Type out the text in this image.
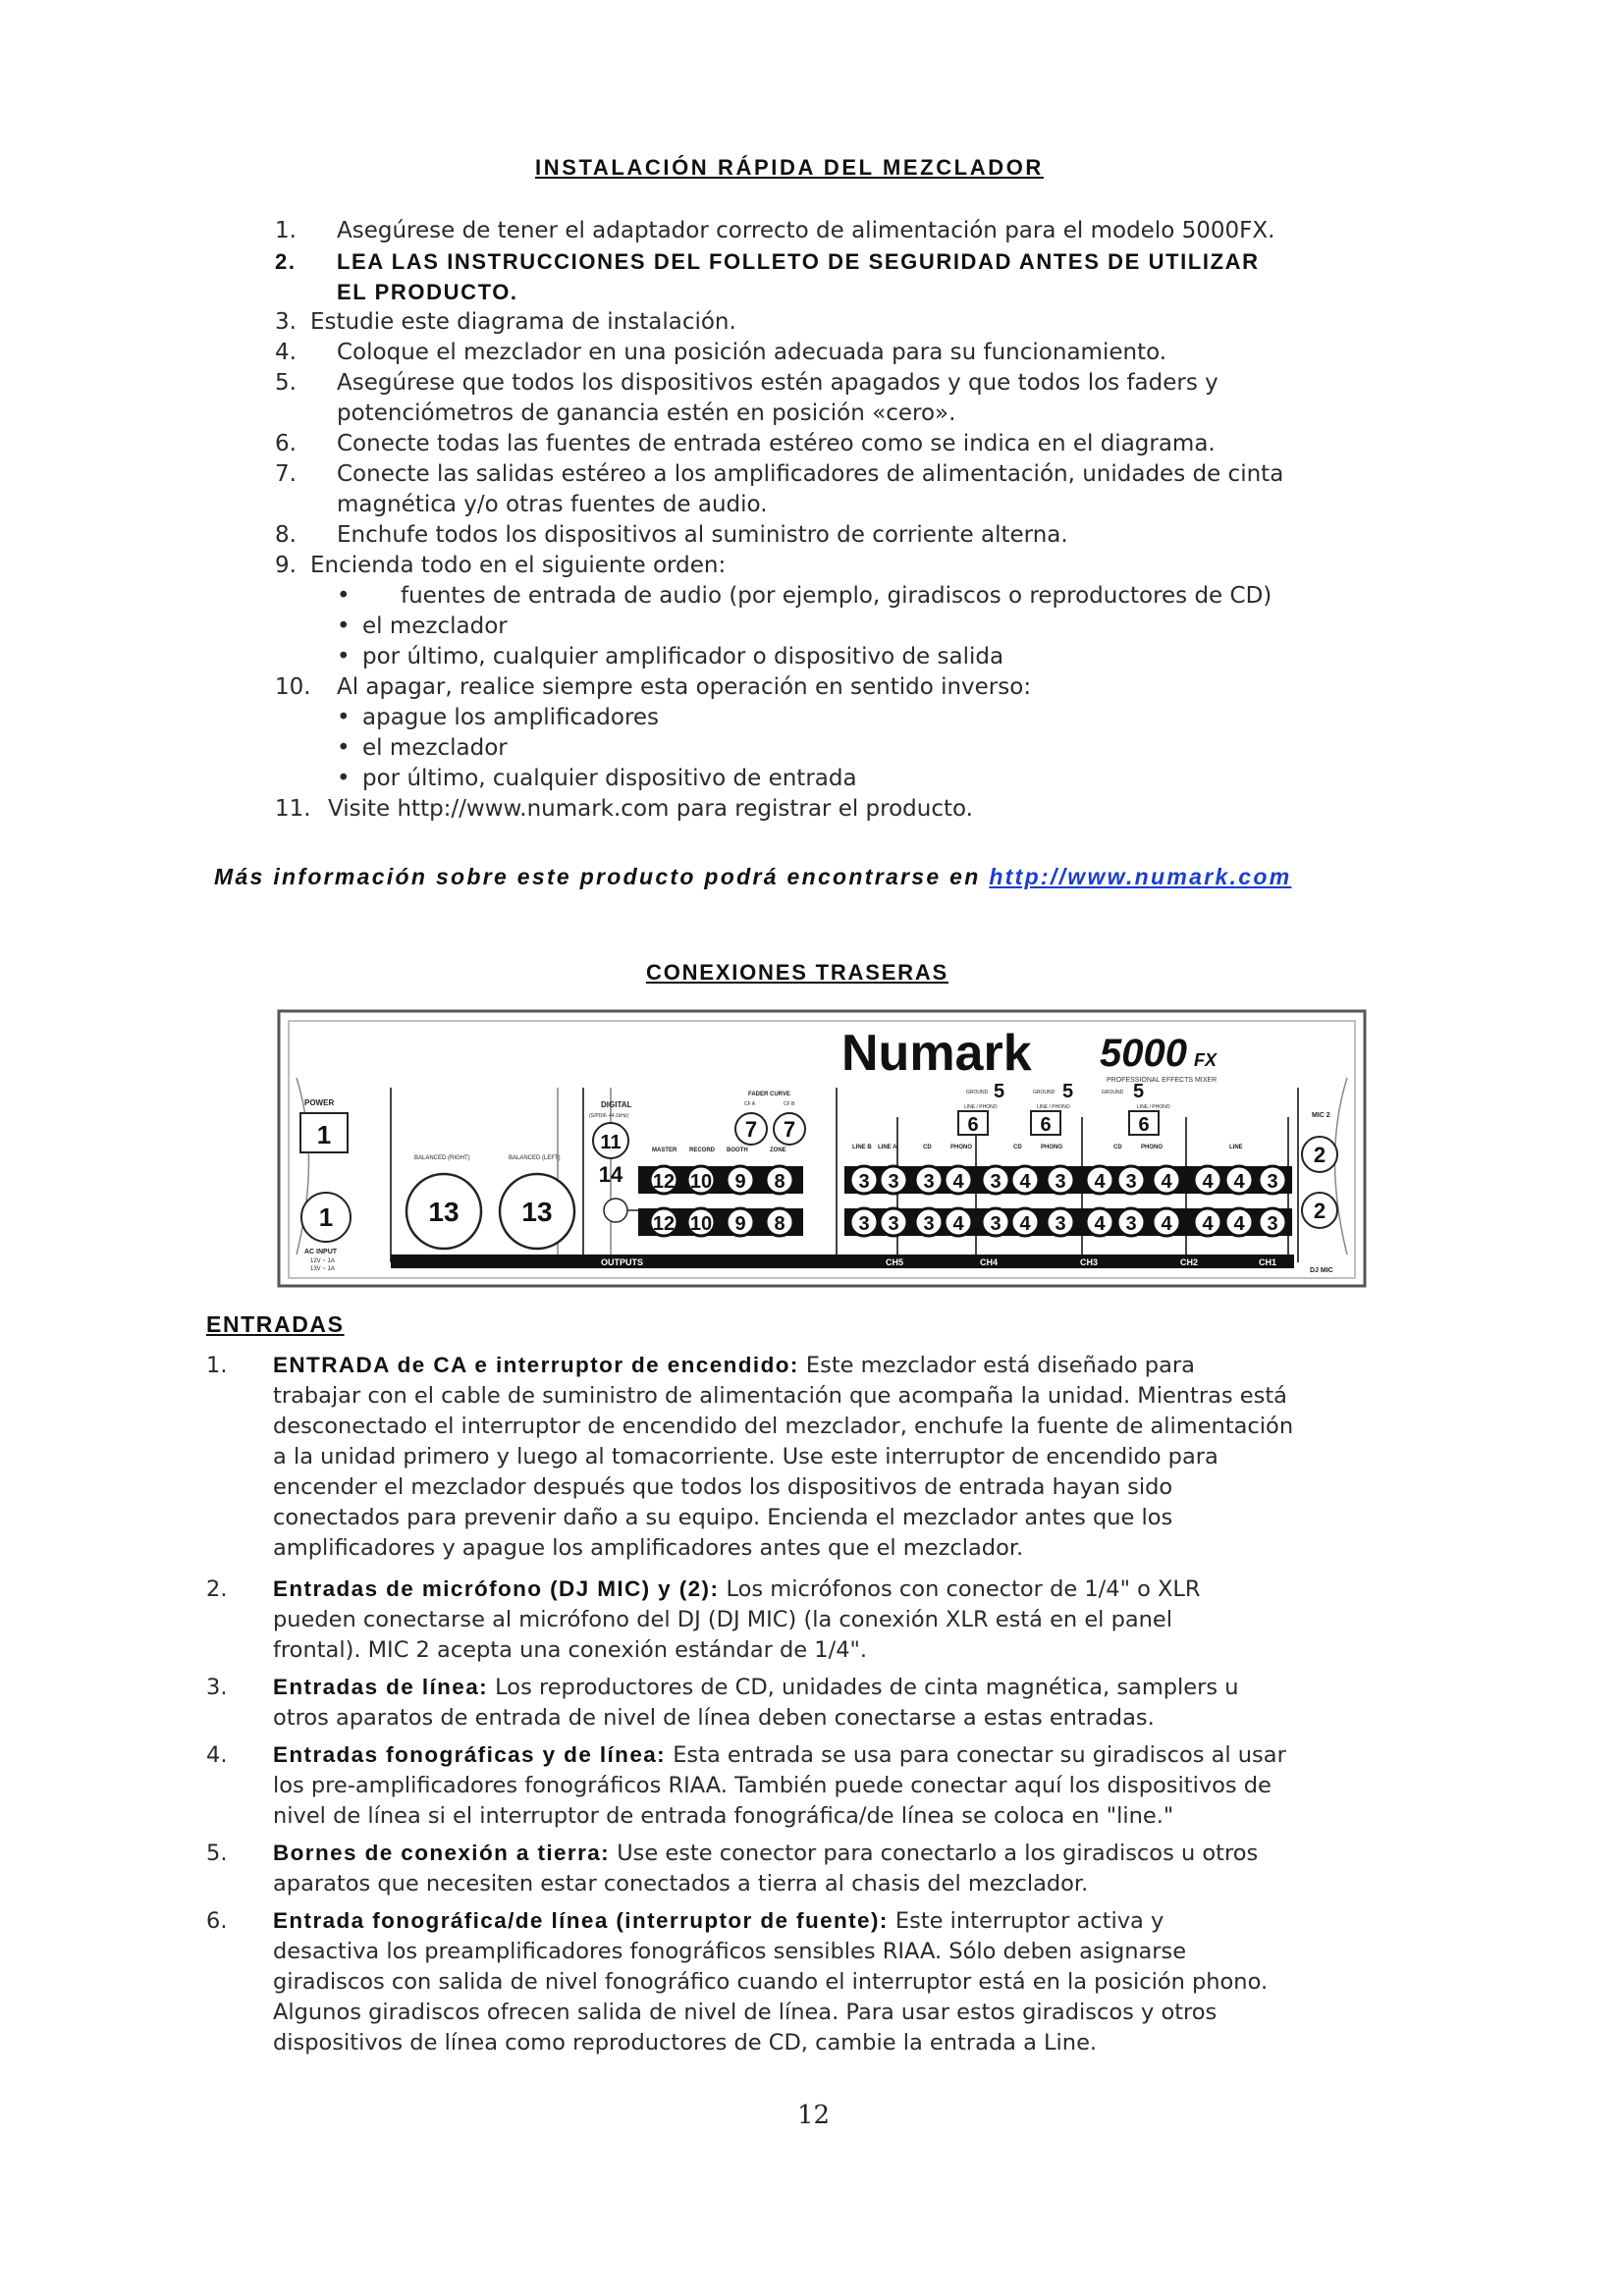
INSTALACIÓN RÁPIDA DEL MEZCLADOR
1. Asegúrese de tener el adaptador correcto de alimentación para el modelo 5000FX.
2. LEA LAS INSTRUCCIONES DEL FOLLETO DE SEGURIDAD ANTES DE UTILIZAR
EL PRODUCTO.
3. Estudie este diagrama de instalación.
4. Coloque el mezclador en una posición adecuada para su funcionamiento.
5. Asegúrese que todos los dispositivos estén apagados y que todos los faders y
potenciómetros de ganancia estén en posición «cero».
6. Conecte todas las fuentes de entrada estéreo como se indica en el diagrama.
7. Conecte las salidas estéreo a los amplificadores de alimentación, unidades de cinta
magnética y/o otras fuentes de audio.
8. Enchufe todos los dispositivos al suministro de corriente alterna.
9. Encienda todo en el siguiente orden:
• fuentes de entrada de audio (por ejemplo, giradiscos o reproductores de CD)
• el mezclador
• por último, cualquier amplificador o dispositivo de salida
10. Al apagar, realice siempre esta operación en sentido inverso:
• apague los amplificadores
• el mezclador
• por último, cualquier dispositivo de entrada
11. Visite http://www.numark.com para registrar el producto.
Más información sobre este producto podrá encontrarse en http://www.numark.com
CONEXIONES TRASERAS
Numark 5000 FX
PROFESSIONAL EFFECTS MIXER
POWER
1
1
AC INPUT
12V ~ 1A
13V ~ 1A
BALANCED (RIGHT)	BALANCED (LEFT)
13 13
DIGITAL
(S/PDIF, 44.1kHz)
11
14
FADER CURVE
CF A	CF B
7 7
MASTER RECORD BOOTH	ZONE	LINE B LINE A	CD	PHONO	CD	PHONO	CD	PHONO	LINE
GROUND	GROUND	GROUND
5	5	5
LINE / PHONO	LINE / PHONO	LINE / PHONO
6	6	6	MIC 2
2
2
12 10 9 8	3 3 3 4 3 4 3 4 3 4 4 4 3
12 10 9 8	3 3 3 4 3 4 3 4 3 4 4 4 3
OUTPUTS	CH5	CH4	CH3	CH2	CH1
DJ MIC
ENTRADAS
1. ENTRADA de CA e interruptor de encendido: Este mezclador está diseñado para
trabajar con el cable de suministro de alimentación que acompaña la unidad. Mientras está
desconectado el interruptor de encendido del mezclador, enchufe la fuente de alimentación
a la unidad primero y luego al tomacorriente. Use este interruptor de encendido para
encender el mezclador después que todos los dispositivos de entrada hayan sido
conectados para prevenir daño a su equipo. Encienda el mezclador antes que los
amplificadores y apague los amplificadores antes que el mezclador.
2. Entradas de micrófono (DJ MIC) y (2): Los micrófonos con conector de 1/4" o XLR
pueden conectarse al micrófono del DJ (DJ MIC) (la conexión XLR está en el panel
frontal). MIC 2 acepta una conexión estándar de 1/4".
3. Entradas de línea: Los reproductores de CD, unidades de cinta magnética, samplers u
otros aparatos de entrada de nivel de línea deben conectarse a estas entradas.
4. Entradas fonográficas y de línea: Esta entrada se usa para conectar su giradiscos al usar
los pre-amplificadores fonográficos RIAA. También puede conectar aquí los dispositivos de
nivel de línea si el interruptor de entrada fonográfica/de línea se coloca en "line."
5. Bornes de conexión a tierra: Use este conector para conectarlo a los giradiscos u otros
aparatos que necesiten estar conectados a tierra al chasis del mezclador.
6. Entrada fonográfica/de línea (interruptor de fuente): Este interruptor activa y
desactiva los preamplificadores fonográficos sensibles RIAA. Sólo deben asignarse
giradiscos con salida de nivel fonográfico cuando el interruptor está en la posición phono.
Algunos giradiscos ofrecen salida de nivel de línea. Para usar estos giradiscos y otros
dispositivos de línea como reproductores de CD, cambie la entrada a Line.
12
